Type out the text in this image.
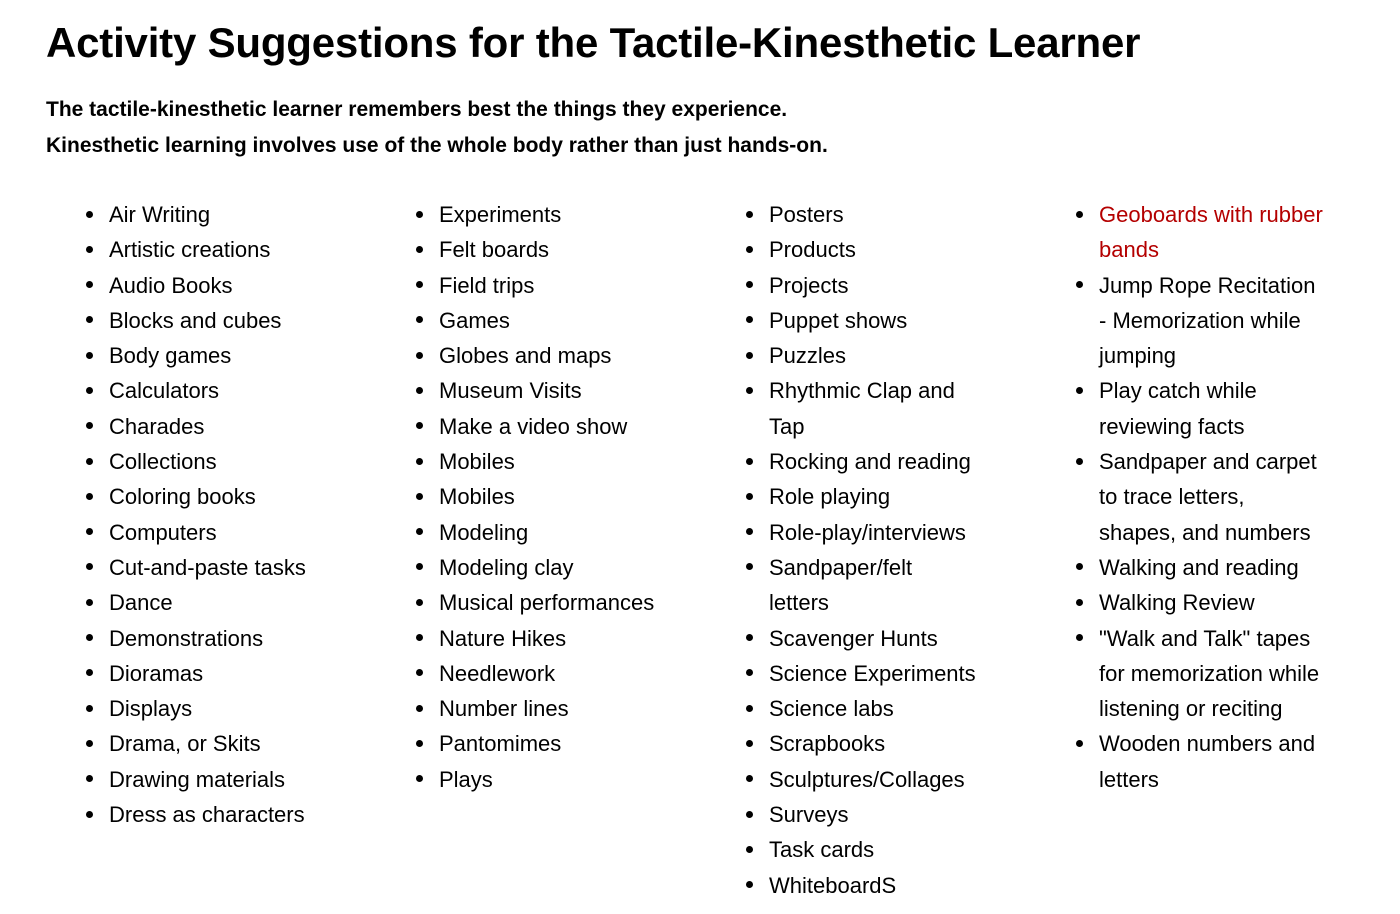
Activity Suggestions for the Tactile-Kinesthetic Learner

The tactile-kinesthetic learner remembers best the things they experience.

Kinesthetic learning involves use of the whole body rather than just hands-on.

Air Writing
Artistic creations
Audio Books
Blocks and cubes
Body games
Calculators
Charades
Collections
Coloring books
Computers
Cut-and-paste tasks
Dance
Demonstrations
Dioramas
Displays
Drama, or Skits
Drawing materials
Dress as characters
Experiments
Felt boards
Field trips
Games
Globes and maps
Museum Visits
Make a video show
Mobiles
Mobiles
Modeling
Modeling clay
Musical performances
Nature Hikes
Needlework
Number lines
Pantomimes
Plays
Posters
Products
Projects
Puppet shows
Puzzles
Rhythmic Clap and Tap
Rocking and reading
Role playing
Role-play/interviews
Sandpaper/felt letters
Scavenger Hunts
Science Experiments
Science labs
Scrapbooks
Sculptures/Collages
Surveys
Task cards
WhiteboardS
Geoboards with rubber bands
Jump Rope Recitation - Memorization while jumping
Play catch while reviewing facts
Sandpaper and carpet to trace letters, shapes, and numbers
Walking and reading
Walking Review
"Walk and Talk" tapes for memorization while listening or reciting
Wooden numbers and letters
